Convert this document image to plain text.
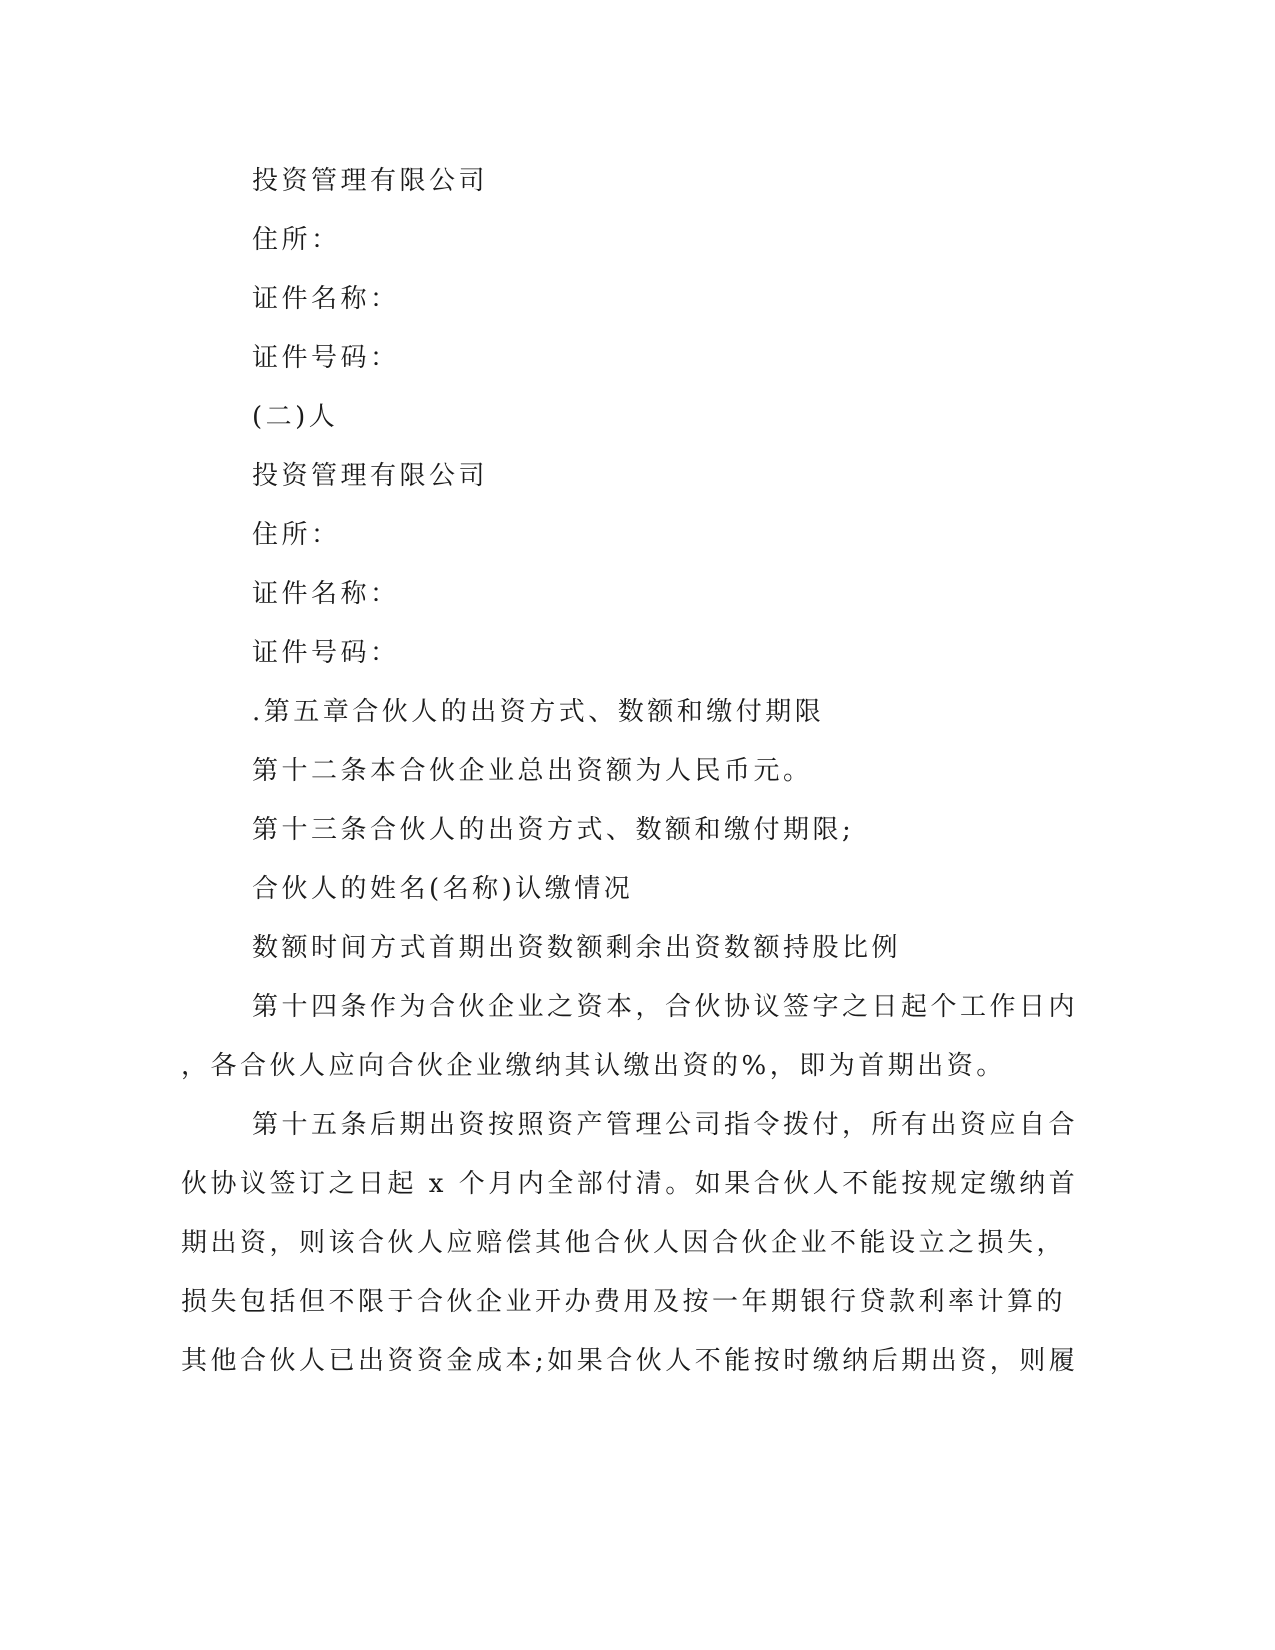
投资管理有限公司
住所：
证件名称：
证件号码：
(二)人
投资管理有限公司
住所：
证件名称：
证件号码：
.第五章合伙人的出资方式、数额和缴付期限
第十二条本合伙企业总出资额为人民币元。
第十三条合伙人的出资方式、数额和缴付期限;
合伙人的姓名(名称)认缴情况
数额时间方式首期出资数额剩余出资数额持股比例
第十四条作为合伙企业之资本，合伙协议签字之日起个工作日内
，各合伙人应向合伙企业缴纳其认缴出资的%，即为首期出资。
第十五条后期出资按照资产管理公司指令拨付，所有出资应自合
伙协议签订之日起 x 个月内全部付清。如果合伙人不能按规定缴纳首
期出资，则该合伙人应赔偿其他合伙人因合伙企业不能设立之损失，
损失包括但不限于合伙企业开办费用及按一年期银行贷款利率计算的
其他合伙人已出资资金成本;如果合伙人不能按时缴纳后期出资，则履
